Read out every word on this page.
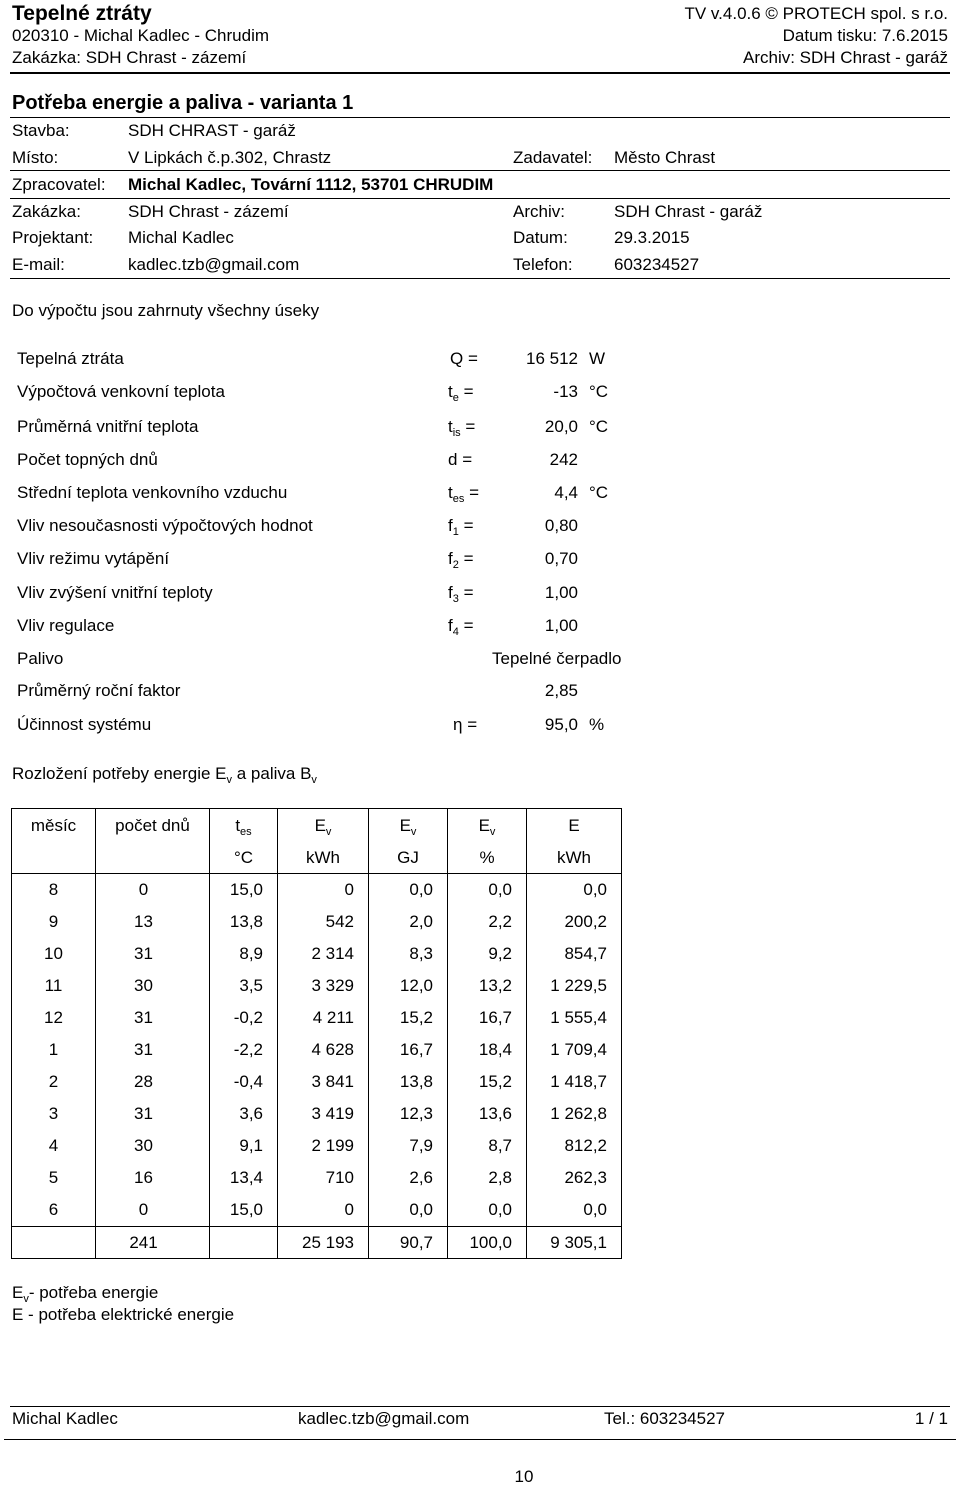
Tepelné ztráty
020310 - Michal Kadlec - Chrudim
Zakázka: SDH Chrast - zázemí
TV v.4.0.6 © PROTECH spol. s r.o.
Datum tisku: 7.6.2015
Archiv: SDH Chrast - garáž
Potřeba energie a paliva - varianta 1
Stavba:	SDH CHRAST - garáž
Místo:	V Lipkách č.p.302, Chrastz	Zadavatel: Město Chrast
Zpracovatel: Michal Kadlec, Tovární 1112, 53701 CHRUDIM
Zakázka:	SDH Chrast - zázemí	Archiv:	SDH Chrast - garáž
Projektant: Michal Kadlec	Datum:	29.3.2015
E-mail:	kadlec.tzb@gmail.com	Telefon: 603234527
Do výpočtu jsou zahrnuty všechny úseky
Tepelná ztráta	Q =	16 512 W
Výpočtová venkovní teplota	$t_e$ =	-13 °C
Průměrná vnitřní teplota	$t_{is}$ =	20,0 °C
Počet topných dnů	d =	242
Střední teplota venkovního vzduchu	$t_{es}$ =	4,4 °C
Vliv nesoučasnosti výpočtových hodnot	$f_1$ =	0,80
Vliv režimu vytápění	$f_2$ =	0,70
Vliv zvýšení vnitřní teploty	$f_3$ =	1,00
Vliv regulace	$f_4$ =	1,00
Palivo	Tepelné čerpadlo
Průměrný roční faktor	2,85
Účinnost systému	η =	95,0 %
Rozložení potřeby energie $E_v$ a paliva $B_v$
měsíc	počet dnů	$t_{es}$	$E_v$	$E_v$	$E_v$	E
		°C	kWh	GJ	%	kWh
8	0	15,0	0	0,0	0,0	0,0
9	13	13,8	542	2,0	2,2	200,2
10	31	8,9	2 314	8,3	9,2	854,7
11	30	3,5	3 329	12,0	13,2	1 229,5
12	31	-0,2	4 211	15,2	16,7	1 555,4
1	31	-2,2	4 628	16,7	18,4	1 709,4
2	28	-0,4	3 841	13,8	15,2	1 418,7
3	31	3,6	3 419	12,3	13,6	1 262,8
4	30	9,1	2 199	7,9	8,7	812,2
5	16	13,4	710	2,6	2,8	262,3
6	0	15,0	0	0,0	0,0	0,0
	241		25 193	90,7	100,0	9 305,1
$E_v-$ potřeba energie
E - potřeba elektrické energie
Michal Kadlec	kadlec.tzb@gmail.com	Tel.: 603234527	1 / 1
10
